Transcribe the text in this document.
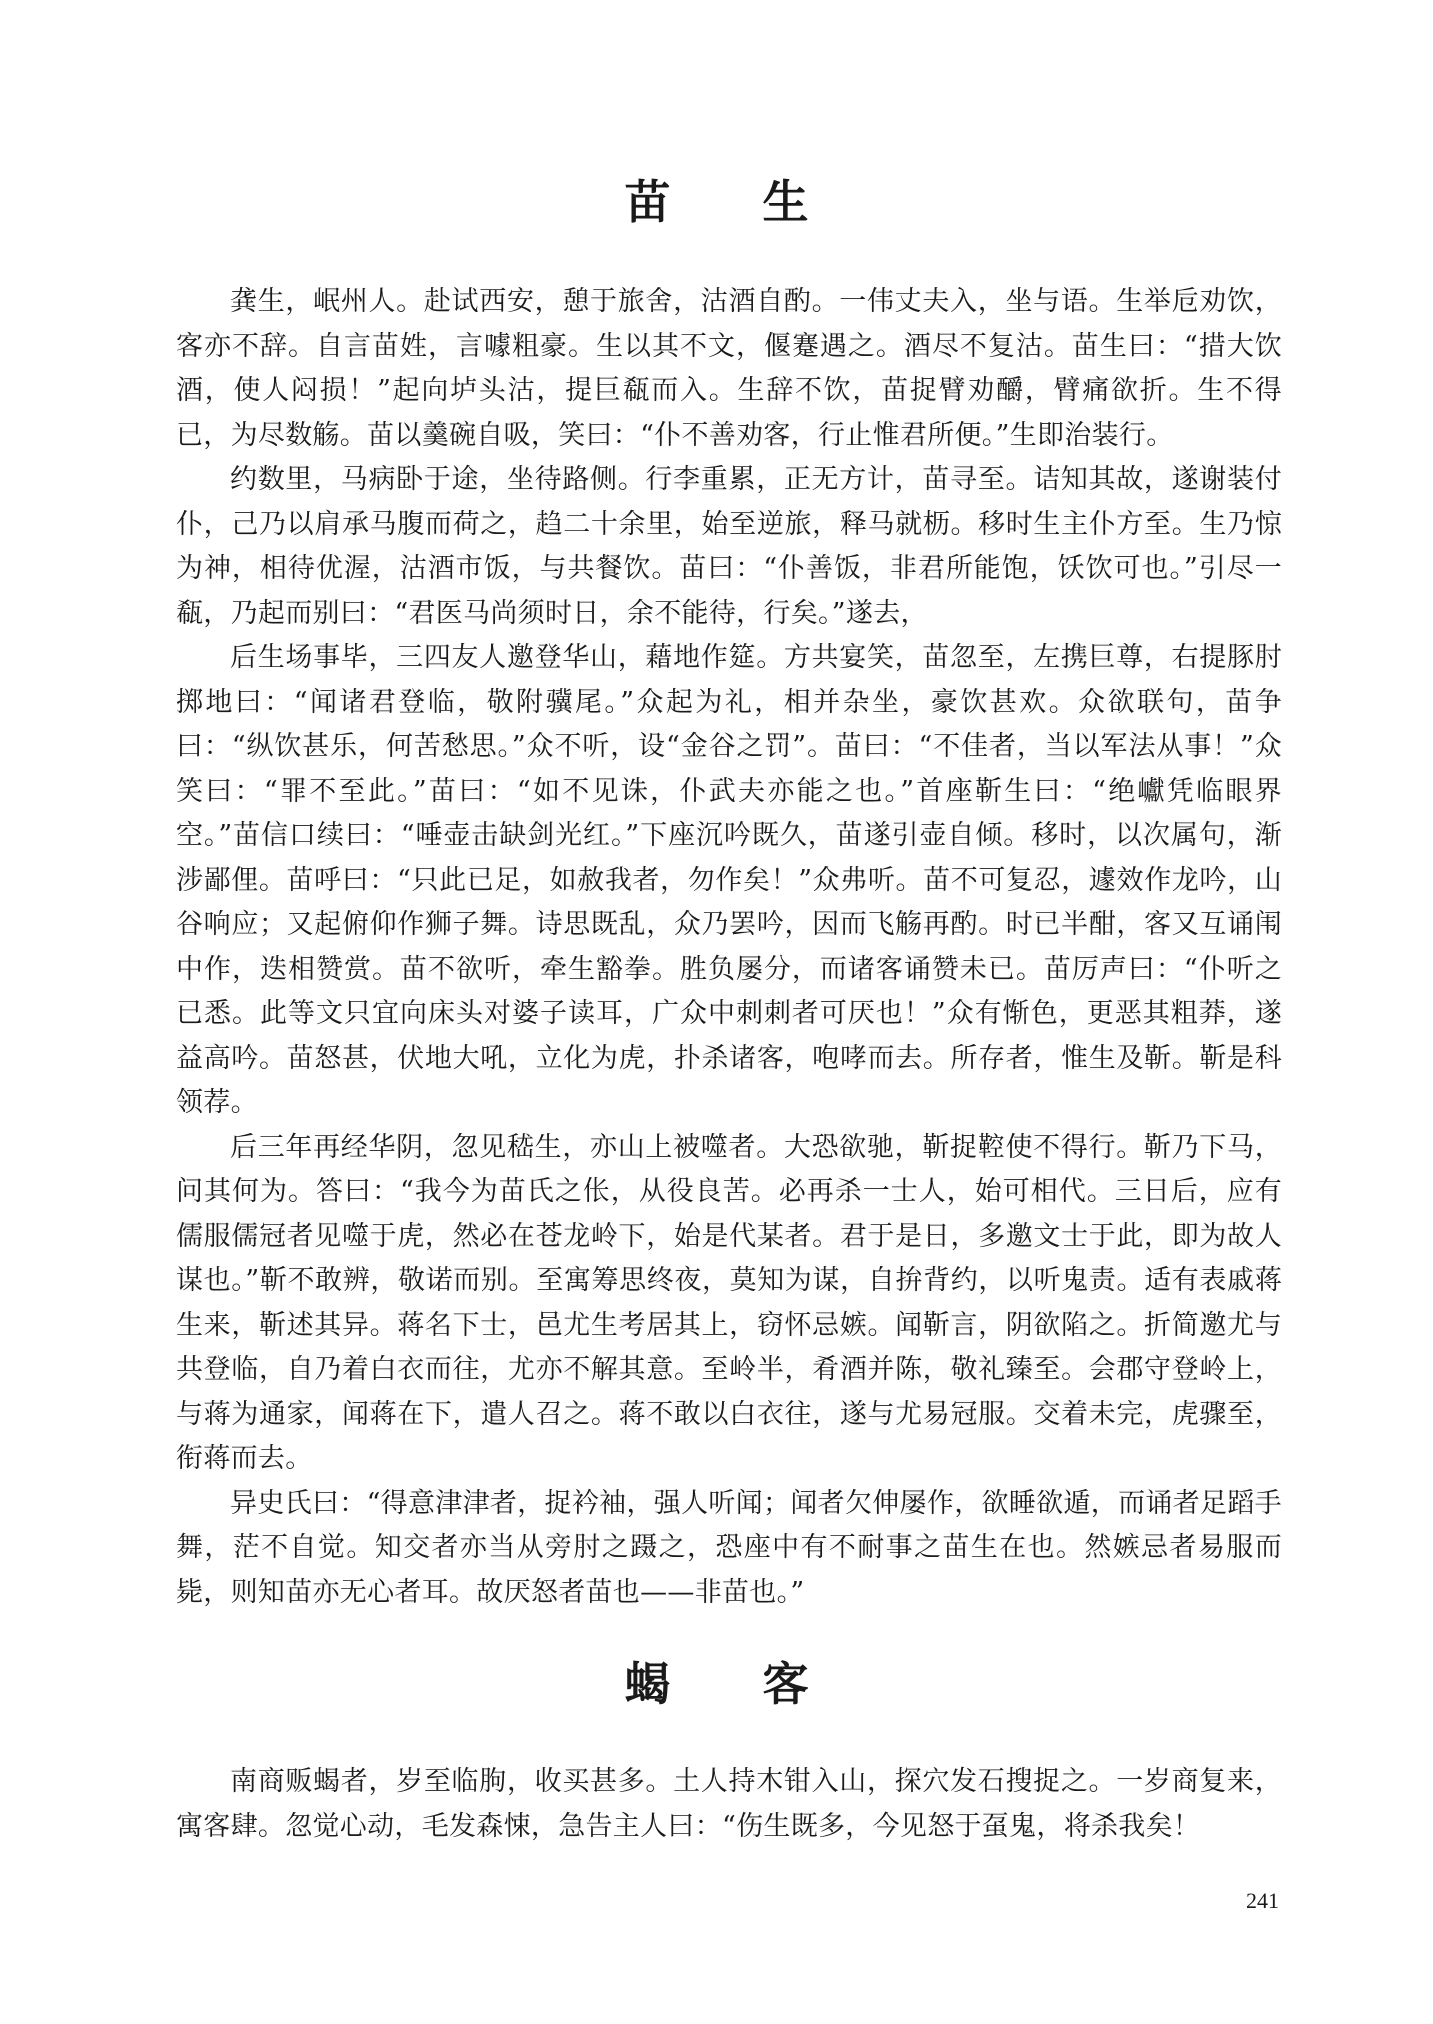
苗 生

龚生，岷州人。赴试西安，憩于旅舍，沽酒自酌。一伟丈夫入，坐与语。生举卮劝饮，客亦不辞。自言苗姓，言噱粗豪。生以其不文，偃蹇遇之。酒尽不复沽。苗生曰：“措大饮酒，使人闷损！”起向垆头沽，提巨瓻而入。生辞不饮，苗捉臂劝釂，臂痛欲折。生不得已，为尽数觞。苗以羹碗自吸，笑曰：“仆不善劝客，行止惟君所便。”生即治装行。

约数里，马病卧于途，坐待路侧。行李重累，正无方计，苗寻至。诘知其故，遂谢装付仆，己乃以肩承马腹而荷之，趋二十余里，始至逆旅，释马就枥。移时生主仆方至。生乃惊为神，相待优渥，沽酒市饭，与共餐饮。苗曰：“仆善饭，非君所能饱，饫饮可也。”引尽一瓻，乃起而别曰：“君医马尚须时日，余不能待，行矣。”遂去，

后生场事毕，三四友人邀登华山，藉地作筵。方共宴笑，苗忽至，左携巨尊，右提豚肘掷地曰：“闻诸君登临，敬附骥尾。”众起为礼，相并杂坐，豪饮甚欢。众欲联句，苗争曰：“纵饮甚乐，何苦愁思。”众不听，设“金谷之罚”。苗曰：“不佳者，当以军法从事！”众笑曰：“罪不至此。”苗曰：“如不见诛，仆武夫亦能之也。”首座靳生曰：“绝巘凭临眼界空。”苗信口续曰：“唾壶击缺剑光红。”下座沉吟既久，苗遂引壶自倾。移时，以次属句，渐涉鄙俚。苗呼曰：“只此已足，如赦我者，勿作矣！”众弗听。苗不可复忍，遽效作龙吟，山谷响应；又起俯仰作狮子舞。诗思既乱，众乃罢吟，因而飞觞再酌。时已半酣，客又互诵闱中作，迭相赞赏。苗不欲听，牵生豁拳。胜负屡分，而诸客诵赞未已。苗厉声曰：“仆听之已悉。此等文只宜向床头对婆子读耳，广众中刺刺者可厌也！”众有惭色，更恶其粗莽，遂益高吟。苗怒甚，伏地大吼，立化为虎，扑杀诸客，咆哮而去。所存者，惟生及靳。靳是科领荐。

后三年再经华阴，忽见嵇生，亦山上被噬者。大恐欲驰，靳捉鞚使不得行。靳乃下马，问其何为。答曰：“我今为苗氏之伥，从役良苦。必再杀一士人，始可相代。三日后，应有儒服儒冠者见噬于虎，然必在苍龙岭下，始是代某者。君于是日，多邀文士于此，即为故人谋也。”靳不敢辨，敬诺而别。至寓筹思终夜，莫知为谋，自拚背约，以听鬼责。适有表戚蒋生来，靳述其异。蒋名下士，邑尤生考居其上，窃怀忌嫉。闻靳言，阴欲陷之。折简邀尤与共登临，自乃着白衣而往，尤亦不解其意。至岭半，肴酒并陈，敬礼臻至。会郡守登岭上，与蒋为通家，闻蒋在下，遣人召之。蒋不敢以白衣往，遂与尤易冠服。交着未完，虎骤至，衔蒋而去。

异史氏曰：“得意津津者，捉衿袖，强人听闻；闻者欠伸屡作，欲睡欲遁，而诵者足蹈手舞，茫不自觉。知交者亦当从旁肘之蹑之，恐座中有不耐事之苗生在也。然嫉忌者易服而毙，则知苗亦无心者耳。故厌怒者苗也——非苗也。”

蝎 客

南商贩蝎者，岁至临朐，收买甚多。土人持木钳入山，探穴发石搜捉之。一岁商复来，寓客肆。忽觉心动，毛发森悚，急告主人曰：“伤生既多，今见怒于虿鬼，将杀我矣！

241
